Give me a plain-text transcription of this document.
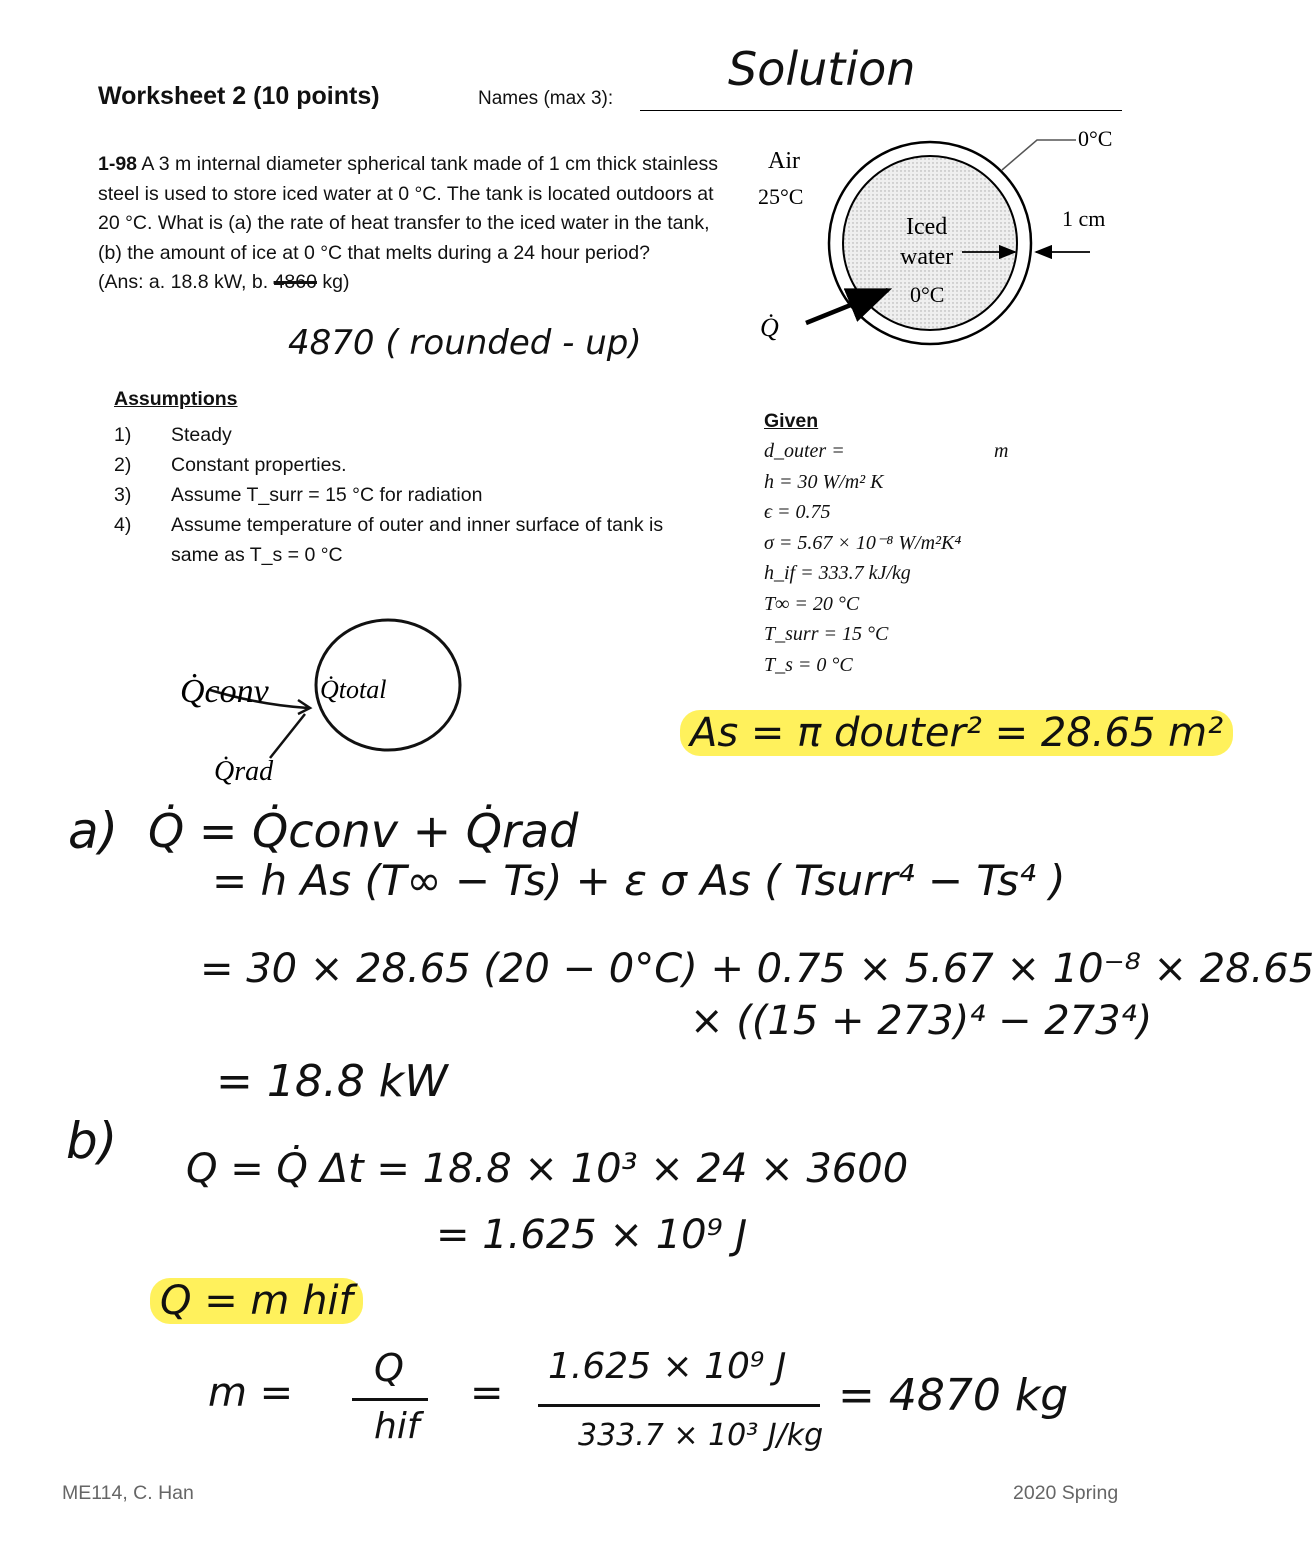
Worksheet 2 (10 points)	Names (max 3):
Solution
1-98 A 3 m internal diameter spherical tank made of 1 cm thick stainless steel is used to store iced water at 0 °C. The tank is located outdoors at 20 °C. What is (a) the rate of heat transfer to the iced water in the tank, (b) the amount of ice at 0 °C that melts during a 24 hour period?
(Ans: a. 18.8 kW, b. 4860 kg)
4870 ( rounded - up)
Air
25°C
0°C
1 cm
Iced
water
0°C
Q̇
Assumptions
1)	Steady
2)	Constant properties.
3)	Assume T_surr = 15 °C for radiation
4)	Assume temperature of outer and inner surface of tank is same as T_s = 0 °C
Given
d_outer =	m
h = 30 W/m² K
ϵ = 0.75
σ = 5.67 × 10⁻⁸ W/m²K⁴
h_if = 333.7 kJ/kg
T∞ = 20 °C
T_surr = 15 °C
T_s = 0 °C
Q̇conv Q̇total
Q̇rad
As = π douter² = 28.65 m²
a) Q̇ = Q̇conv + Q̇rad
= h As (T∞ − Ts) + ε σ As ( Tsurr⁴ − Ts⁴ )
= 30 × 28.65 (20 − 0°C) + 0.75 × 5.67 × 10⁻⁸ × 28.65
× ((15 + 273)⁴ − 273⁴)
= 18.8 kW
b) Q = Q̇ Δt = 18.8 × 10³ × 24 × 3600
= 1.625 × 10⁹ J
Q = m hif
m =
Q
hif
=
1.625 × 10⁹ J
333.7 × 10³ J/kg
= 4870 kg
ME114, C. Han	2020 Spring
